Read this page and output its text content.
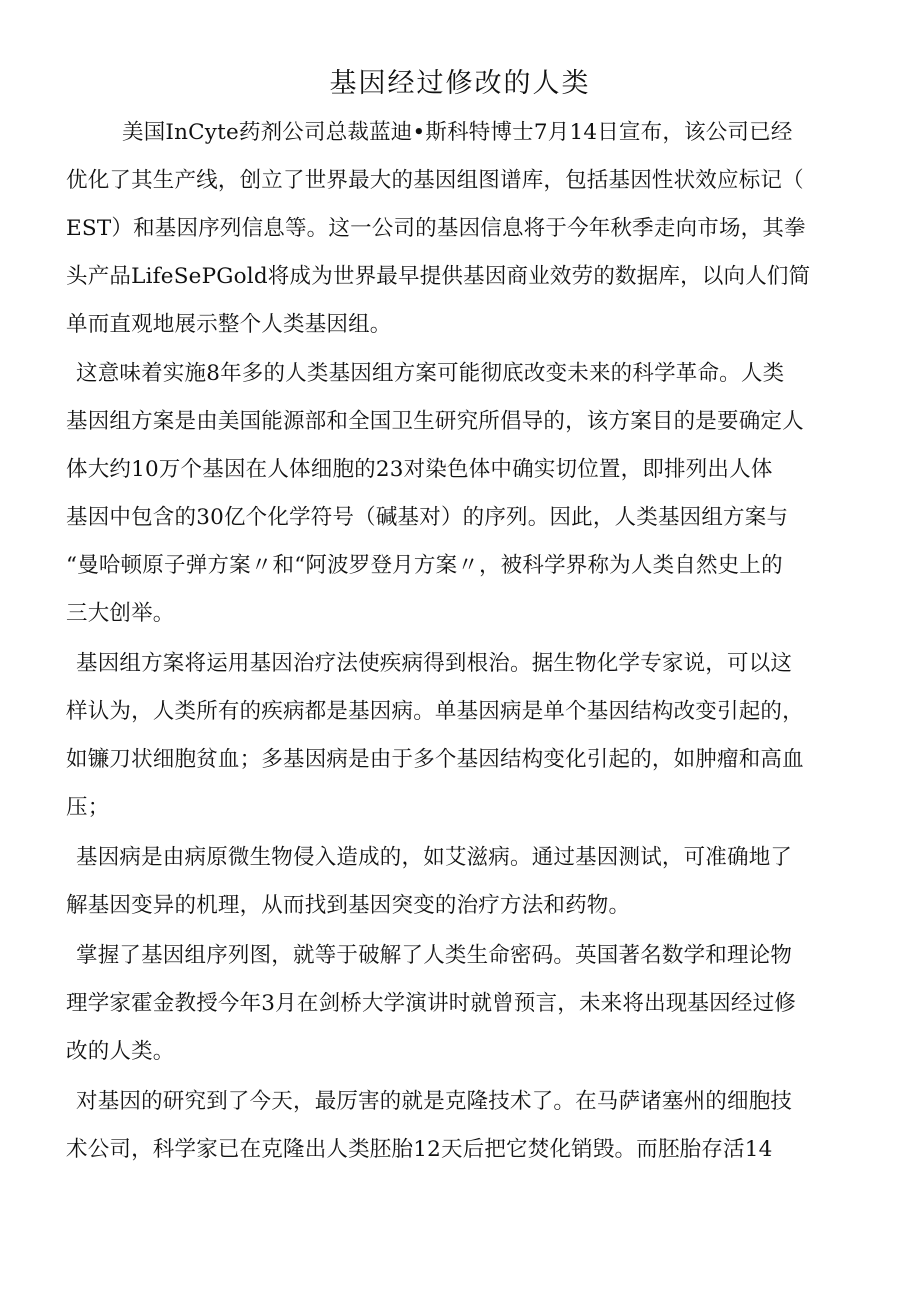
基因经过修改的人类
美国InCyte药剂公司总裁蓝迪•斯科特博士7月14日宣布，该公司已经
优化了其生产线，创立了世界最大的基因组图谱库，包括基因性状效应标记（
EST）和基因序列信息等。这一公司的基因信息将于今年秋季走向市场，其拳
头产品LifeSePGold将成为世界最早提供基因商业效劳的数据库，以向人们简
单而直观地展示整个人类基因组。
这意味着实施8年多的人类基因组方案可能彻底改变未来的科学革命。人类
基因组方案是由美国能源部和全国卫生研究所倡导的，该方案目的是要确定人
体大约10万个基因在人体细胞的23对染色体中确实切位置，即排列出人体
基因中包含的30亿个化学符号（碱基对）的序列。因此，人类基因组方案与
“曼哈顿原子弹方案〃和“阿波罗登月方案〃，被科学界称为人类自然史上的
三大创举。
基因组方案将运用基因治疗法使疾病得到根治。据生物化学专家说，可以这
样认为，人类所有的疾病都是基因病。单基因病是单个基因结构改变引起的，
如镰刀状细胞贫血；多基因病是由于多个基因结构变化引起的，如肿瘤和高血
压；
基因病是由病原微生物侵入造成的，如艾滋病。通过基因测试，可准确地了
解基因变异的机理，从而找到基因突变的治疗方法和药物。
掌握了基因组序列图，就等于破解了人类生命密码。英国著名数学和理论物
理学家霍金教授今年3月在剑桥大学演讲时就曾预言，未来将出现基因经过修
改的人类。
对基因的研究到了今天，最厉害的就是克隆技术了。在马萨诸塞州的细胞技
术公司，科学家已在克隆出人类胚胎12天后把它焚化销毁。而胚胎存活14
